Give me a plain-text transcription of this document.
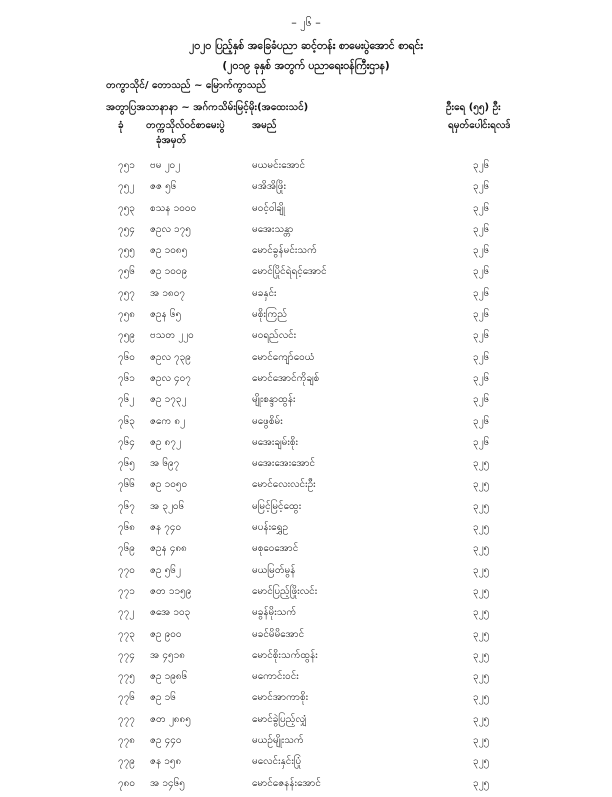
– ၂၆ –
၂၀၂၀ ပြည့်နှစ် အခြေခံပညာ ဆင့်တန်း စာမေးပွဲအောင် စာရင်း
(၂၀၁၉ ခုနှစ် အတွက် ပညာရေးဝန်ကြီးဌာန)
တကွာသိုင်/ တောသည် ~ မြောက်ကွာသည်
အတွာပြအသာနာနာ ~ အဂ်ကသိမ်းမြင့်မိုး(အထေးသင်)	ဦးရေ (၅၅) ဦး
ခုံ တက္ကသိုလ်ဝင်စာမေးပွဲ
ခုံအမှတ်
အမည်	ရမှတ်ပေါင်းရလဒ်
၇၅၁ ဗမ ၂၀၂	မယမင်းအောင်	၃၂၆
၇၅၂ ဇဇ ၅၆	မအိအိဖြိုး	၃၂၆
၇၅၃ စသန ၁၀၀၀	မဝင့်ဝါချို	၃၂၆
၇၅၄ ဇဥလ ၁၇၅	မအေးသန္တာ	၃၂၆
၇၅၅ ဇဥ ၁၀၈၅	မောင်ခွန်မင်းသက်	၃၂၆
၇၅၆ ဇဥ ၁၀၀၉	မောင်ပြိုင်ရဲရင့်အောင်	၃၂၆
၇၅၇ အ ၁၈၀၇	မခနှင်း	၃၂၆
၇၅၈ ဇဥန ၆၅	မစိုးကြည်	၃၂၆
၇၅၉ ဗသတ ၂၂၀	မဝရည်လင်း	၃၂၆
၇၆၀ ဇဥလ ၇၃၉	မောင်ကျော်ဝေယံ	၃၂၆
၇၆၁ ဇဥလ ၄၀၇	မောင်အောင်ကိုချစ်	၃၂၆
၇၆၂ ဇဥ ၁၇၃၂	မျိုးစန္ဒာထွန်း	၃၂၆
၇၆၃ ဇကေ ၈၂	မဖွေစိမ်း	၃၂၆
၇၆၄ ဇဥ ၈၇၂	မအေးချမ်းစိုး	၃၂၆
၇၆၅ အ ၆၉၇	မအေးအေးအောင်	၃၂၅
၇၆၆ ဇဥ ၁၀၅၀	မောင်လေးလင်းဦး	၃၂၅
၇၆၇ အ ၃၂၀၆	မမြင့်မြင့်ထွေး	၃၂၅
၇၆၈ ဇန ၇၄၀	မပန်းရွှေဥ	၃၂၅
၇၆၉ ဇဥန ၄၈၈	မစုဝေအောင်	၃၂၅
၇၇၀ ဇဥ ၅၆၂	မယမြတ်မွန်	၃၂၅
၇၇၁ ဇတ ၁၁၅၉	မောင်ပြည့်ဖြိုးလင်း	၃၂၅
၇၇၂ ဇအေ ၁၀၃	မခွန်မိုးသက်	၃၂၅
၇၇၃ ဇဥ ၉၀၀	မခင်မိမိအောင်	၃၂၅
၇၇၄ အ ၄၅၁၈	မောင်စိုးသက်ထွန်း	၃၂၅
၇၇၅ ဇဥ ၁၉၈၆	မကောင်းဝင်း	၃၂၅
၇၇၆ ဇဥ ၁၆	မောင်အာကာစိုး	၃၂၅
၇၇၇ ဇတ ၂၈၈၅	မောင်ခွဲပြည့်လျှံ	၃၂၅
၇၇၈ ဇဥ ၄၄၀	မယဉ်မျိုးသက်	၃၂၅
၇၇၉ ဇန ၁၅၈	မလေင်းနှင်းပြုံ	၃၂၅
၇၈၀ အ ၁၄၆၅	မောင်ဇေနန်းအောင်	၃၂၅
